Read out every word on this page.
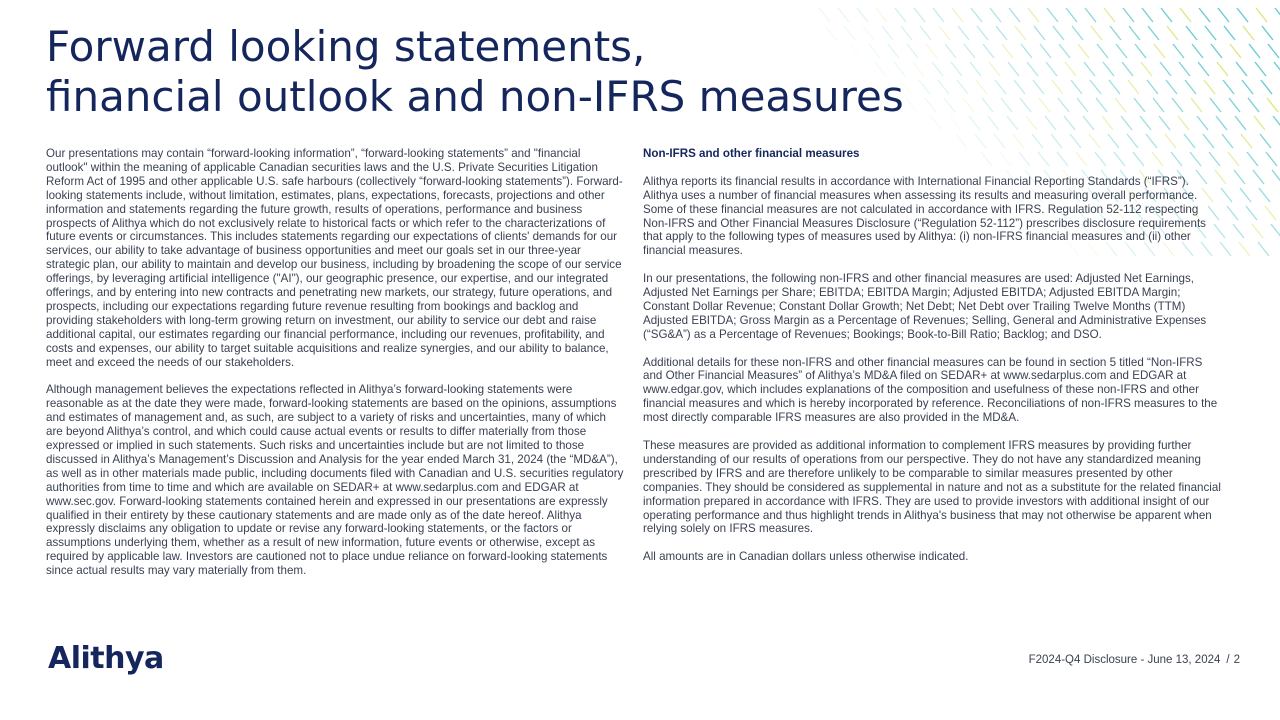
Forward looking statements,
financial outlook and non-IFRS measures

Our presentations may contain “forward-looking information”, “forward-looking statements” and "financial outlook" within the meaning of applicable Canadian securities laws and the U.S. Private Securities Litigation Reform Act of 1995 and other applicable U.S. safe harbours (collectively “forward-looking statements”). Forward-looking statements include, without limitation, estimates, plans, expectations, forecasts, projections and other information and statements regarding the future growth, results of operations, performance and business prospects of Alithya which do not exclusively relate to historical facts or which refer to the characterizations of future events or circumstances. This includes statements regarding our expectations of clients' demands for our services, our ability to take advantage of business opportunities and meet our goals set in our three-year strategic plan, our ability to maintain and develop our business, including by broadening the scope of our service offerings, by leveraging artificial intelligence ("AI"), our geographic presence, our expertise, and our integrated offerings, and by entering into new contracts and penetrating new markets, our strategy, future operations, and prospects, including our expectations regarding future revenue resulting from bookings and backlog and providing stakeholders with long-term growing return on investment, our ability to service our debt and raise additional capital, our estimates regarding our financial performance, including our revenues, profitability, and costs and expenses, our ability to target suitable acquisitions and realize synergies, and our ability to balance, meet and exceed the needs of our stakeholders.

Although management believes the expectations reflected in Alithya’s forward-looking statements were reasonable as at the date they were made, forward-looking statements are based on the opinions, assumptions and estimates of management and, as such, are subject to a variety of risks and uncertainties, many of which are beyond Alithya’s control, and which could cause actual events or results to differ materially from those expressed or implied in such statements. Such risks and uncertainties include but are not limited to those discussed in Alithya’s Management’s Discussion and Analysis for the year ended March 31, 2024 (the “MD&A”), as well as in other materials made public, including documents filed with Canadian and U.S. securities regulatory authorities from time to time and which are available on SEDAR+ at www.sedarplus.com and EDGAR at www.sec.gov. Forward-looking statements contained herein and expressed in our presentations are expressly qualified in their entirety by these cautionary statements and are made only as of the date hereof. Alithya expressly disclaims any obligation to update or revise any forward-looking statements, or the factors or assumptions underlying them, whether as a result of new information, future events or otherwise, except as required by applicable law. Investors are cautioned not to place undue reliance on forward-looking statements since actual results may vary materially from them.

Non-IFRS and other financial measures

Alithya reports its financial results in accordance with International Financial Reporting Standards (“IFRS”). Alithya uses a number of financial measures when assessing its results and measuring overall performance. Some of these financial measures are not calculated in accordance with IFRS. Regulation 52-112 respecting Non-IFRS and Other Financial Measures Disclosure (“Regulation 52-112”) prescribes disclosure requirements that apply to the following types of measures used by Alithya: (i) non-IFRS financial measures and (ii) other financial measures.

In our presentations, the following non-IFRS and other financial measures are used: Adjusted Net Earnings, Adjusted Net Earnings per Share; EBITDA; EBITDA Margin; Adjusted EBITDA; Adjusted EBITDA Margin; Constant Dollar Revenue; Constant Dollar Growth; Net Debt; Net Debt over Trailing Twelve Months (TTM) Adjusted EBITDA; Gross Margin as a Percentage of Revenues; Selling, General and Administrative Expenses (“SG&A”) as a Percentage of Revenues; Bookings; Book-to-Bill Ratio; Backlog; and DSO.

Additional details for these non-IFRS and other financial measures can be found in section 5 titled “Non-IFRS and Other Financial Measures” of Alithya’s MD&A filed on SEDAR+ at www.sedarplus.com and EDGAR at www.edgar.gov, which includes explanations of the composition and usefulness of these non-IFRS and other financial measures and which is hereby incorporated by reference. Reconciliations of non-IFRS measures to the most directly comparable IFRS measures are also provided in the MD&A.

These measures are provided as additional information to complement IFRS measures by providing further understanding of our results of operations from our perspective. They do not have any standardized meaning prescribed by IFRS and are therefore unlikely to be comparable to similar measures presented by other companies. They should be considered as supplemental in nature and not as a substitute for the related financial information prepared in accordance with IFRS. They are used to provide investors with additional insight of our operating performance and thus highlight trends in Alithya's business that may not otherwise be apparent when relying solely on IFRS measures.

All amounts are in Canadian dollars unless otherwise indicated.

Alithya	F2024-Q4 Disclosure - June 13, 2024 / 2
